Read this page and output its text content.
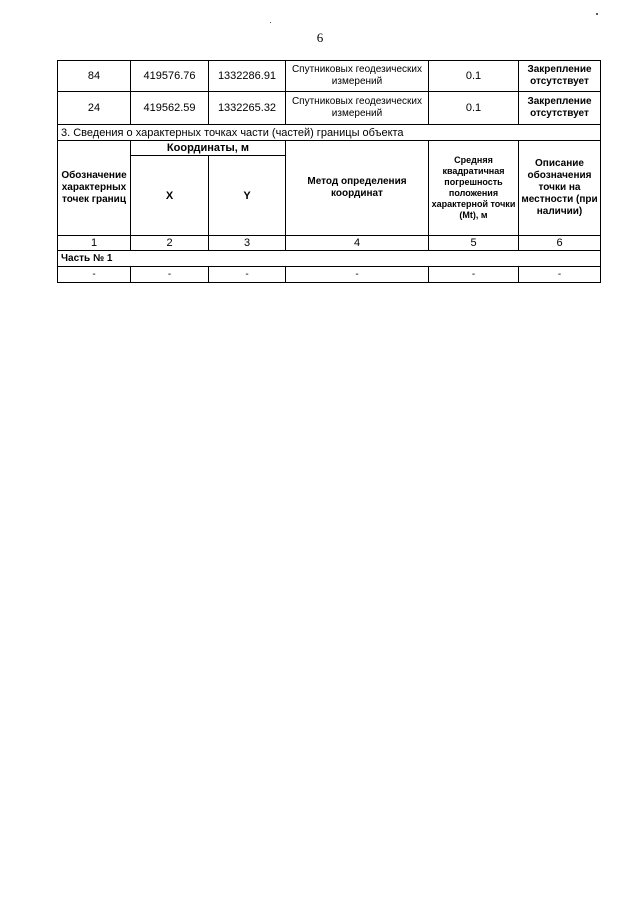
6
84	419576.76	1332286.91	Спутниковых геодезических измерений	0.1	Закрепление отсутствует
24	419562.59	1332265.32	Спутниковых геодезических измерений	0.1	Закрепление отсутствует
3. Сведения о характерных точках части (частей) границы объекта					
Обозначение характерных точек границ	Координаты, м		Метод определения координат	Средняя квадратичная погрешность положения характерной точки (Mt), м	Описание обозначения точки на местности (при наличии)
	X	Y			
1	2	3	4	5	6
Часть № 1					
-	-	-	-	-	-
